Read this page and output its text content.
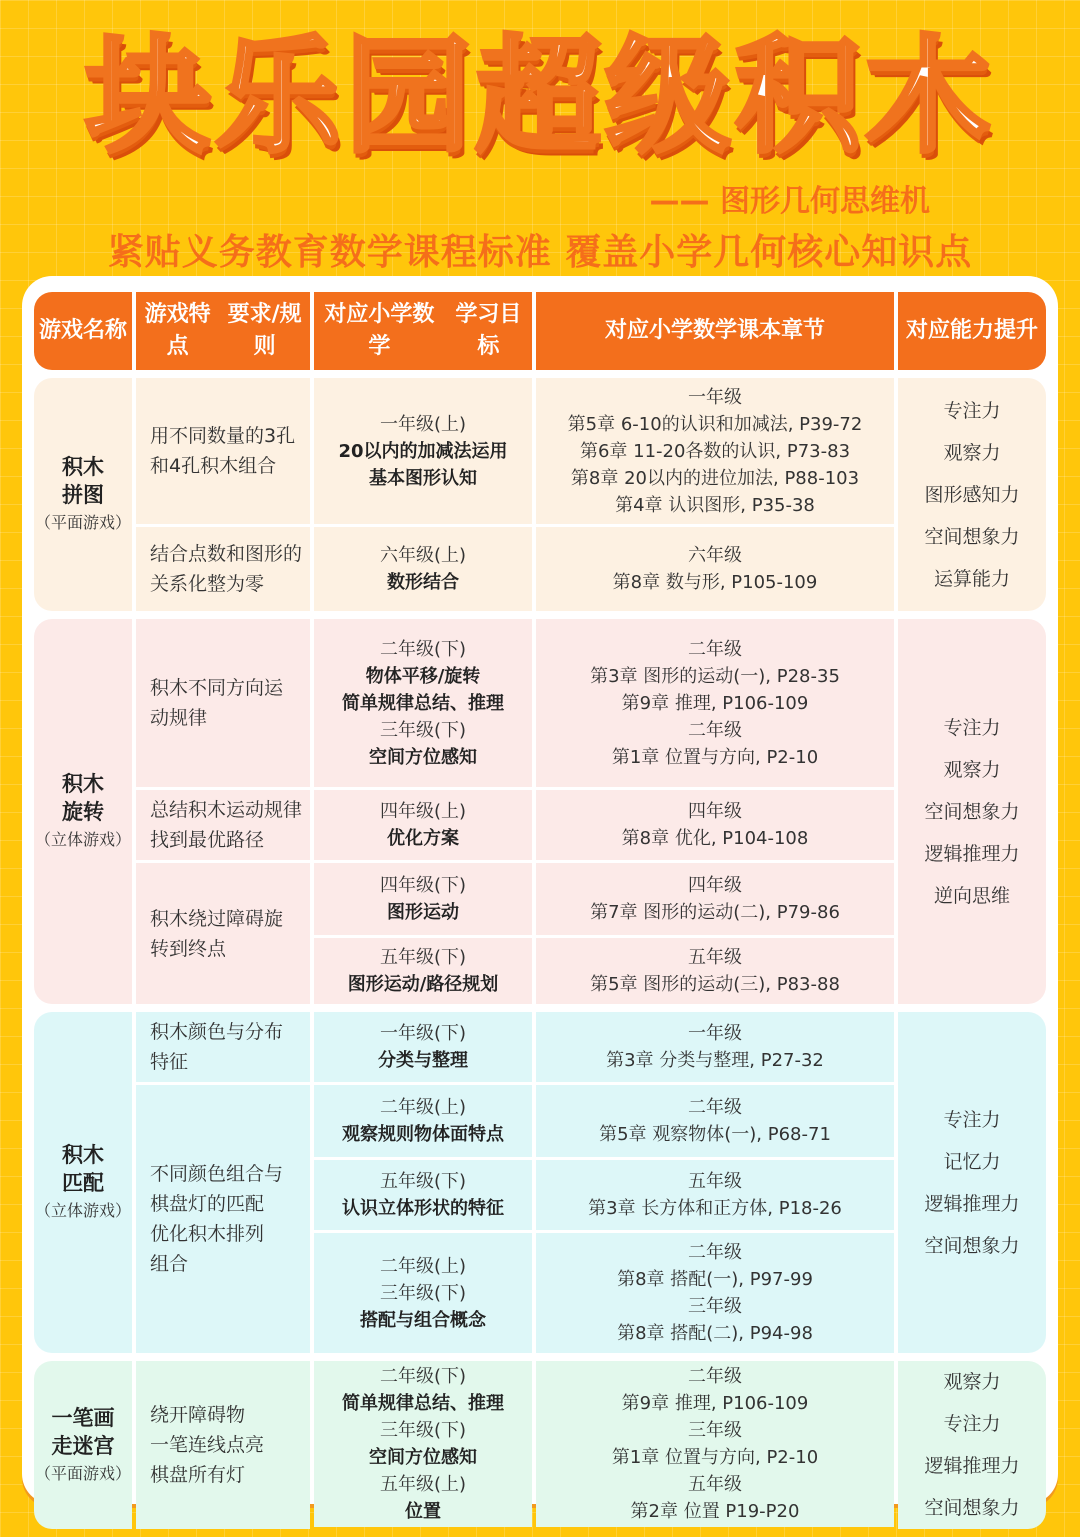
块乐园超级积木
—— 图形几何思维机
紧贴义务教育数学课程标准 覆盖小学几何核心知识点
游戏 名称
游戏特点
要求/规则
对应小学数学
学习目标
对应小学数学 课本章节	对应能力 提升
积木
拼图
（平面游戏）
专注力
观察力
图形感知力
空间想象力
运算能力
用不同数量的3孔
和4孔积木组合
结合点数和图形的
关系化整为零
一年级(上)
20以内的加减法运用
基本图形认知
一年级
第5章 6-10的认识和加减法, P39-72
第6章 11-20各数的认识, P73-83
第8章 20以内的进位加法, P88-103
第4章 认识图形, P35-38
六年级(上)
数形结合
六年级
第8章 数与形, P105-109
积木
旋转
（立体游戏）
专注力
观察力
空间想象力
逻辑推理力
逆向思维
积木不同方向运
动规律
总结积木运动规律
找到最优路径
积木绕过障碍旋
转到终点
二年级(下)
物体平移/旋转
简单规律总结、推理
三年级(下)
空间方位感知
二年级
第3章 图形的运动(一), P28-35
第9章 推理, P106-109
二年级
第1章 位置与方向, P2-10
四年级(上)
优化方案
四年级
第8章 优化, P104-108
四年级(下)
图形运动
四年级
第7章 图形的运动(二), P79-86
五年级(下)
图形运动/路径规划
五年级
第5章 图形的运动(三), P83-88
积木
匹配
（立体游戏）
专注力
记忆力
逻辑推理力
空间想象力
积木颜色与分布
特征
不同颜色组合与
棋盘灯的匹配
优化积木排列
组合
一年级(下)
分类与整理
一年级
第3章 分类与整理, P27-32
二年级(上)
观察规则物体面特点
二年级
第5章 观察物体(一), P68-71
五年级(下)
认识立体形状的特征
五年级
第3章 长方体和正方体, P18-26
二年级(上)
三年级(下)
搭配与组合概念
二年级
第8章 搭配(一), P97-99
三年级
第8章 搭配(二), P94-98
一笔画
走迷宫
（平面游戏）
观察力
专注力
逻辑推理力
空间想象力
绕开障碍物
一笔连线点亮
棋盘所有灯
二年级(下)
简单规律总结、推理
三年级(下)
空间方位感知
五年级(上)
位置
二年级
第9章 推理, P106-109
三年级
第1章 位置与方向, P2-10
五年级
第2章 位置 P19-P20
